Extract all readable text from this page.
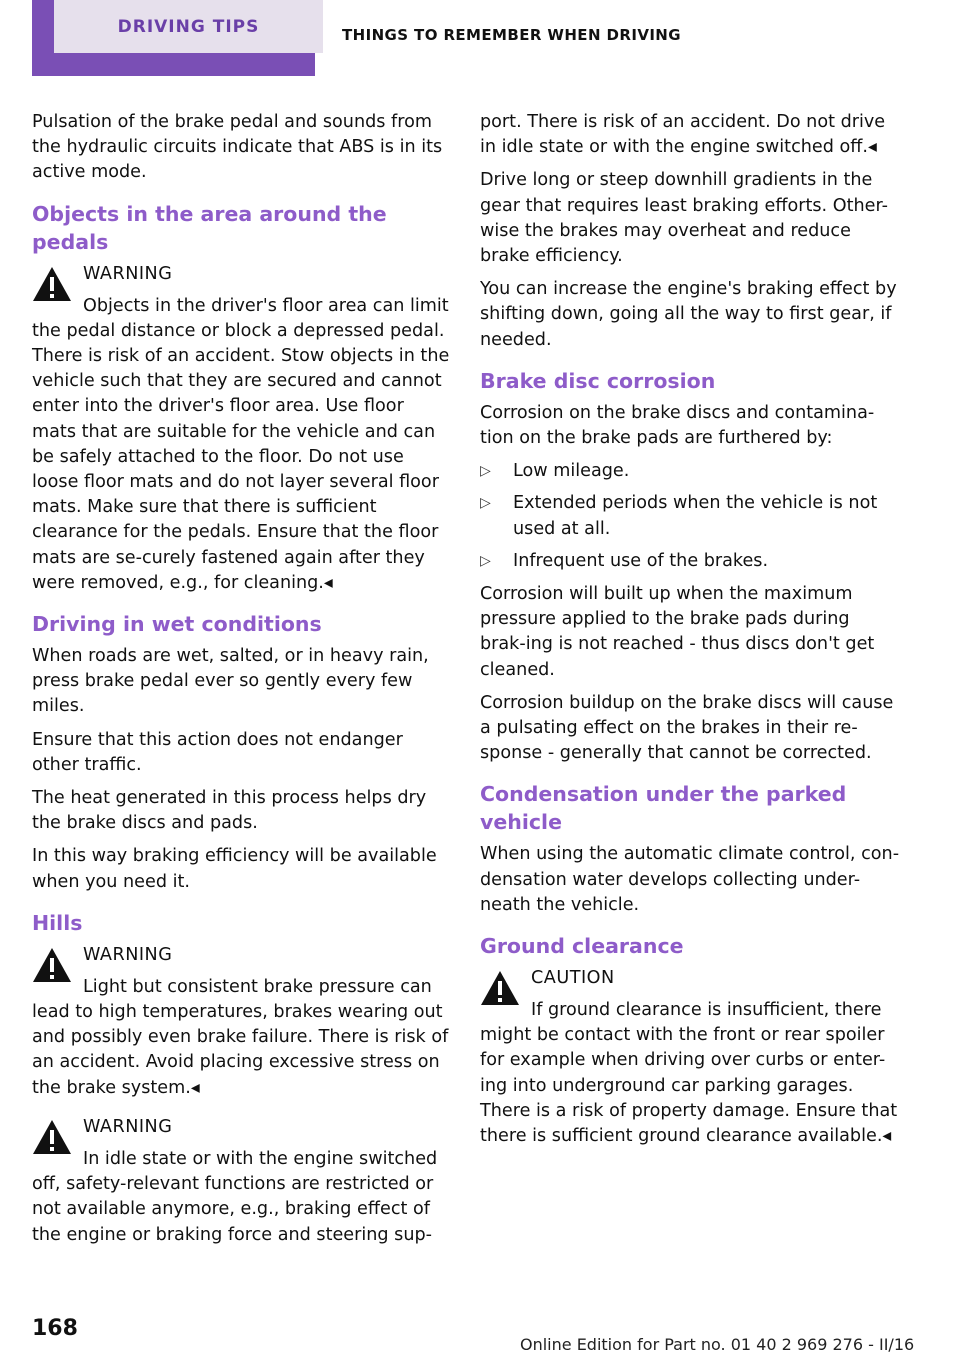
DRIVING TIPS	THINGS TO REMEMBER WHEN DRIVING

Pulsation of the brake pedal and sounds from the hydraulic circuits indicate that ABS is in its active mode.

Objects in the area around the pedals
WARNING

Objects in the driver's floor area can limit the pedal distance or block a depressed pedal. There is risk of an accident. Stow objects in the vehicle such that they are secured and cannot enter into the driver's floor area. Use floor mats that are suitable for the vehicle and can be safely attached to the floor. Do not use loose floor mats and do not layer several floor mats. Make sure that there is sufficient clearance for the pedals. Ensure that the floor mats are se-curely fastened again after they were removed, e.g., for cleaning.◂

Driving in wet conditions

When roads are wet, salted, or in heavy rain, press brake pedal ever so gently every few miles.

Ensure that this action does not endanger other traffic.

The heat generated in this process helps dry the brake discs and pads.

In this way braking efficiency will be available when you need it.

Hills
WARNING

Light but consistent brake pressure can lead to high temperatures, brakes wearing out and possibly even brake failure. There is risk of an accident. Avoid placing excessive stress on the brake system.◂

WARNING

In idle state or with the engine switched off, safety-relevant functions are restricted or not available anymore, e.g., braking effect of the engine or braking force and steering sup-

port. There is risk of an accident. Do not drive in idle state or with the engine switched off.◂

Drive long or steep downhill gradients in the gear that requires least braking efforts. Other-wise the brakes may overheat and reduce brake efficiency.

You can increase the engine's braking effect by shifting down, going all the way to first gear, if needed.

Brake disc corrosion

Corrosion on the brake discs and contamina-tion on the brake pads are furthered by:

▷ Low mileage.
▷ Extended periods when the vehicle is not used at all.
▷ Infrequent use of the brakes.

Corrosion will built up when the maximum pressure applied to the brake pads during brak-ing is not reached - thus discs don't get cleaned.

Corrosion buildup on the brake discs will cause a pulsating effect on the brakes in their re-sponse - generally that cannot be corrected.

Condensation under the parked vehicle

When using the automatic climate control, con-densation water develops collecting under-neath the vehicle.

Ground clearance
CAUTION

If ground clearance is insufficient, there might be contact with the front or rear spoiler for example when driving over curbs or enter-ing into underground car parking garages. There is a risk of property damage. Ensure that there is sufficient ground clearance available.◂

168
Online Edition for Part no. 01 40 2 969 276 - II/16
